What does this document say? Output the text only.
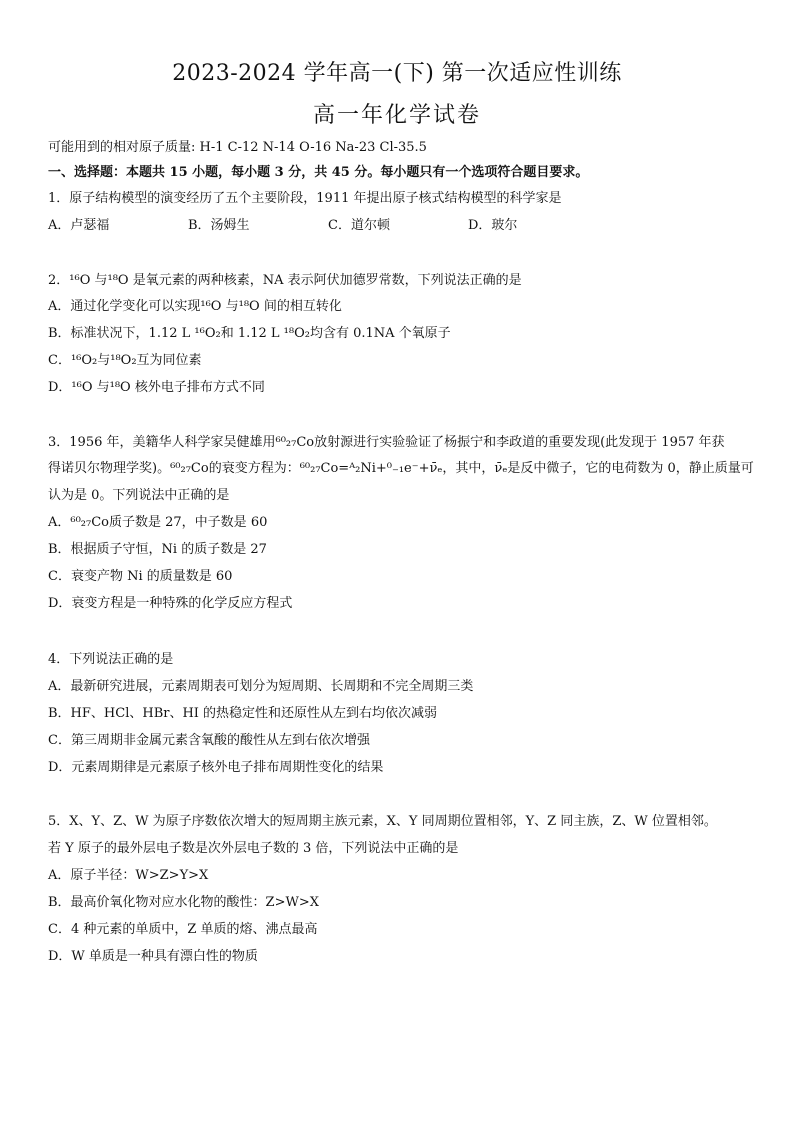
2023-2024 学年高一(下) 第一次适应性训练
高一年化学试卷
可能用到的相对原子质量: H-1 C-12 N-14 O-16 Na-23 Cl-35.5
一、选择题：本题共 15 小题，每小题 3 分，共 45 分。每小题只有一个选项符合题目要求。
1．原子结构模型的演变经历了五个主要阶段，1911 年提出原子核式结构模型的科学家是
A．卢瑟福	B．汤姆生	C．道尔顿	D．玻尔
2．¹⁶O 与¹⁸O 是氧元素的两种核素，NA 表示阿伏加德罗常数，下列说法正确的是
A．通过化学变化可以实现¹⁶O 与¹⁸O 间的相互转化
B．标准状况下，1.12 L ¹⁶O₂和 1.12 L ¹⁸O₂均含有 0.1NA 个氧原子
C．¹⁶O₂与¹⁸O₂互为同位素
D．¹⁶O 与¹⁸O 核外电子排布方式不同
3．1956 年，美籍华人科学家吴健雄用⁶⁰₂₇Co放射源进行实验验证了杨振宁和李政道的重要发现(此发现于 1957 年获
得诺贝尔物理学奖)。⁶⁰₂₇Co的衰变方程为：⁶⁰₂₇Co=ᴬ₂Ni+⁰₋₁e⁻+ν̄ₑ，其中，ν̄ₑ是反中微子，它的电荷数为 0，静止质量可
认为是 0。下列说法中正确的是
A．⁶⁰₂₇Co质子数是 27，中子数是 60
B．根据质子守恒，Ni 的质子数是 27
C．衰变产物 Ni 的质量数是 60
D．衰变方程是一种特殊的化学反应方程式
4．下列说法正确的是
A．最新研究进展，元素周期表可划分为短周期、长周期和不完全周期三类
B．HF、HCl、HBr、HI 的热稳定性和还原性从左到右均依次减弱
C．第三周期非金属元素含氧酸的酸性从左到右依次增强
D．元素周期律是元素原子核外电子排布周期性变化的结果
5．X、Y、Z、W 为原子序数依次增大的短周期主族元素，X、Y 同周期位置相邻，Y、Z 同主族，Z、W 位置相邻。
若 Y 原子的最外层电子数是次外层电子数的 3 倍，下列说法中正确的是
A．原子半径：W>Z>Y>X
B．最高价氧化物对应水化物的酸性：Z>W>X
C．4 种元素的单质中，Z 单质的熔、沸点最高
D．W 单质是一种具有漂白性的物质
